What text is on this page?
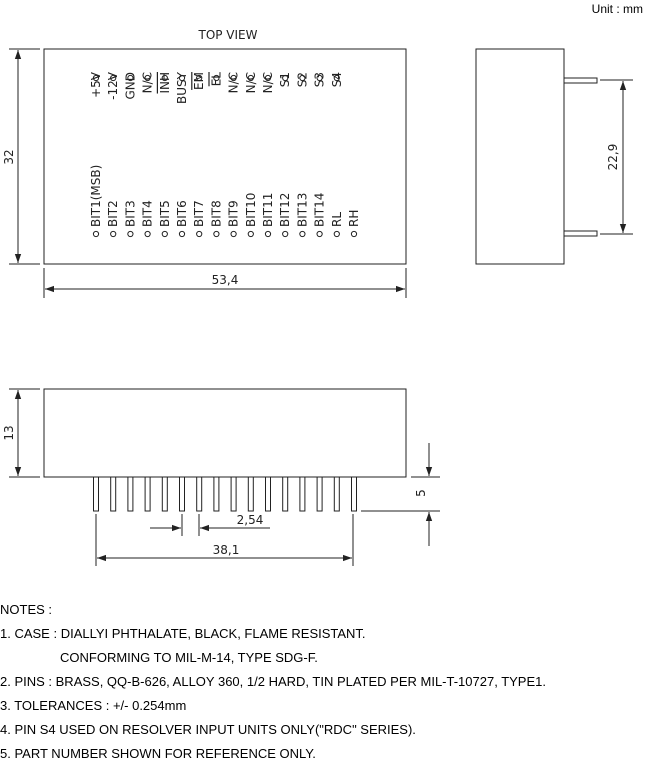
Unit : mm
TOP VIEW
+5V -12V GND N/C INH BUSY EM EL N/C N/C N/C S1 S2 S3 S4
BIT1(MSB) BIT2 BIT3 BIT4 BIT5 BIT6 BIT7 BIT8 BIT9 BIT10 BIT11 BIT12 BIT13 BIT14 RL RH
32
53,4
22,9
13
5
2,54
38,1
NOTES :
1. CASE : DIALLYI PHTHALATE, BLACK, FLAME RESISTANT.
CONFORMING TO MIL-M-14, TYPE SDG-F.
2. PINS : BRASS, QQ-B-626, ALLOY 360, 1/2 HARD, TIN PLATED PER MIL-T-10727, TYPE1.
3. TOLERANCES : +/- 0.254mm
4. PIN S4 USED ON RESOLVER INPUT UNITS ONLY("RDC" SERIES).
5. PART NUMBER SHOWN FOR REFERENCE ONLY.
